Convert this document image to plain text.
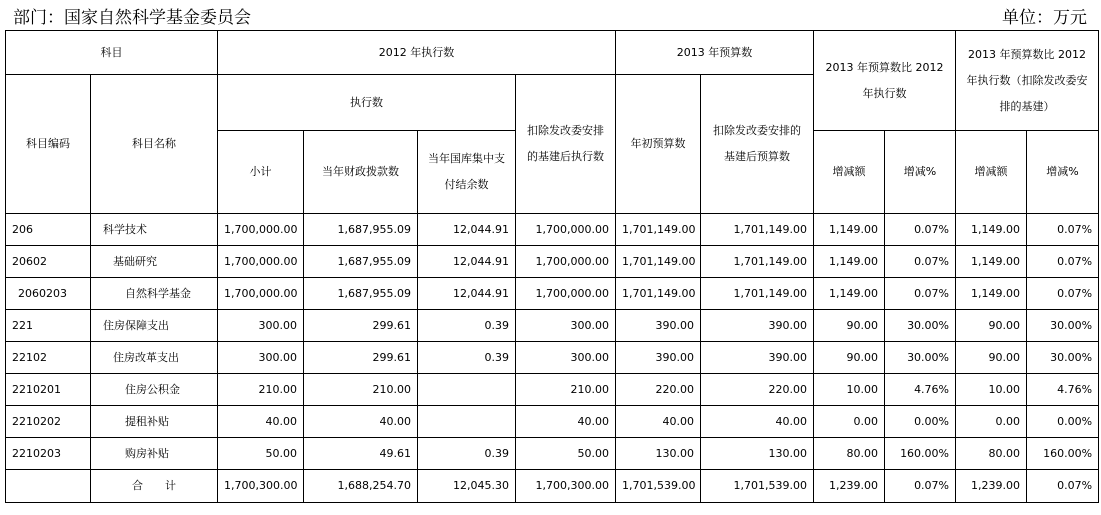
部门：国家自然科学基金委员会	单位：万元
科目		2012 年执行数				2013 年预算数		2013 年预算数比 2012 年执行数		2013 年预算数比 2012 年执行数（扣除发改委安排的基建）	
科目编码	科目名称	执行数			扣除发改委安排的基建后执行数	年初预算数	扣除发改委安排的基建后预算数				
		小计	当年财政拨款数	当年国库集中支付结余数				增减额	增减%	增减额	增减%
206	科学技术	1,700,000.00	1,687,955.09	12,044.91	1,700,000.00	1,701,149.00	1,701,149.00	1,149.00	0.07%	1,149.00	0.07%
20602	基础研究	1,700,000.00	1,687,955.09	12,044.91	1,700,000.00	1,701,149.00	1,701,149.00	1,149.00	0.07%	1,149.00	0.07%
2060203	自然科学基金	1,700,000.00	1,687,955.09	12,044.91	1,700,000.00	1,701,149.00	1,701,149.00	1,149.00	0.07%	1,149.00	0.07%
221	住房保障支出	300.00	299.61	0.39	300.00	390.00	390.00	90.00	30.00%	90.00	30.00%
22102	住房改革支出	300.00	299.61	0.39	300.00	390.00	390.00	90.00	30.00%	90.00	30.00%
2210201	住房公积金	210.00	210.00		210.00	220.00	220.00	10.00	4.76%	10.00	4.76%
2210202	提租补贴	40.00	40.00		40.00	40.00	40.00	0.00	0.00%	0.00	0.00%
2210203	购房补贴	50.00	49.61	0.39	50.00	130.00	130.00	80.00	160.00%	80.00	160.00%
	合　　计	1,700,300.00	1,688,254.70	12,045.30	1,700,300.00	1,701,539.00	1,701,539.00	1,239.00	0.07%	1,239.00	0.07%
